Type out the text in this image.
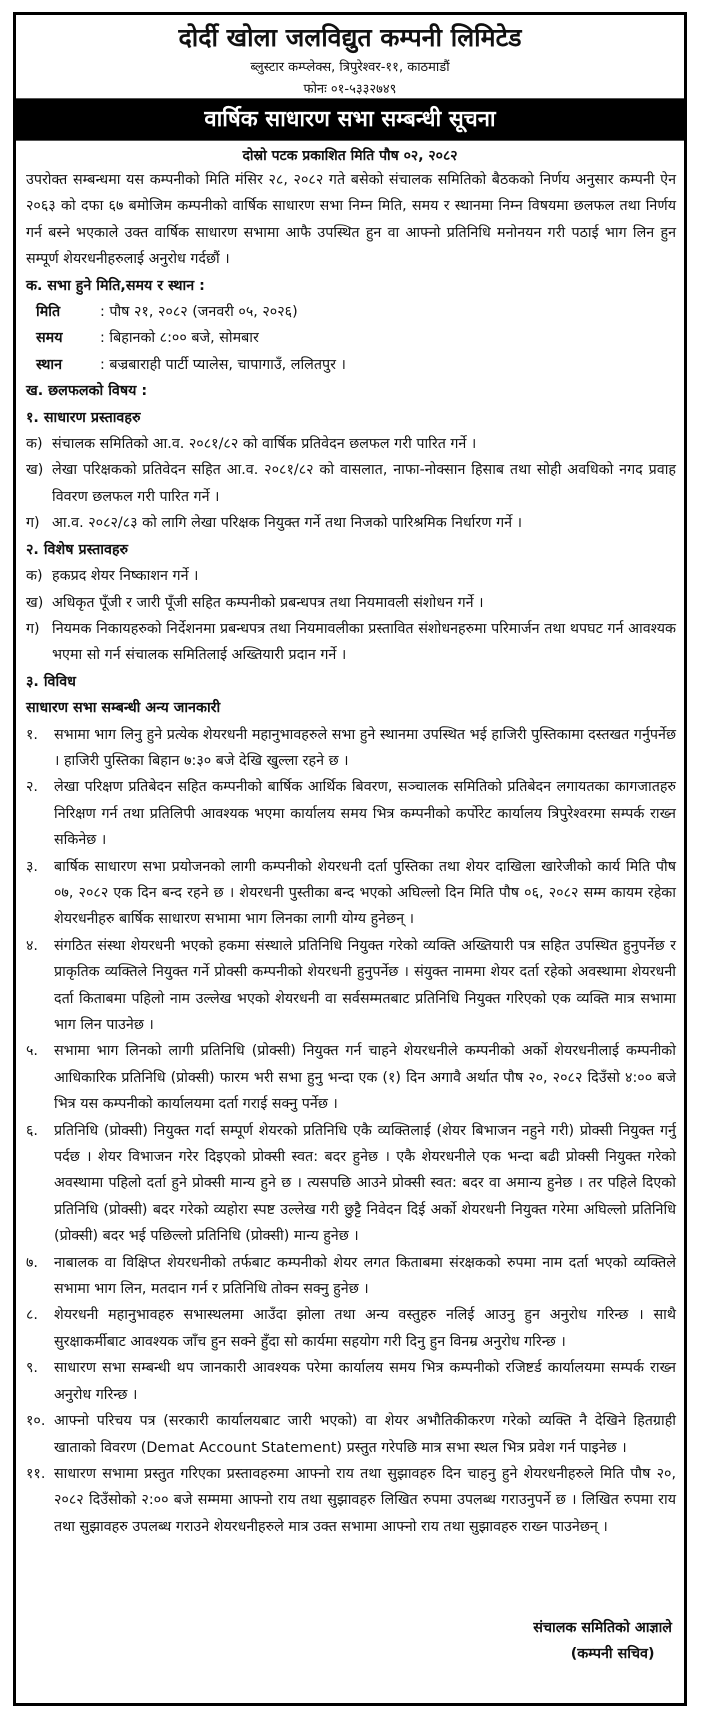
दोर्दी खोला जलविद्युत कम्पनी लिमिटेड
ब्लुस्टार कम्प्लेक्स, त्रिपुरेश्वर-११, काठमाडौं
फोनः ०१-५३३२७४९
वार्षिक साधारण सभा सम्बन्धी सूचना
दोस्रो पटक प्रकाशित मिति पौष ०२, २०८२

उपरोक्त सम्बन्धमा यस कम्पनीको मिति मंसिर २८, २०८२ गते बसेको संचालक समितिको बैठकको निर्णय अनुसार कम्पनी ऐन २०६३ को दफा ६७ बमोजिम कम्पनीको वार्षिक साधारण सभा निम्न मिति, समय र स्थानमा निम्न विषयमा छलफल तथा निर्णय गर्न बस्ने भएकाले उक्त वार्षिक साधारण सभामा आफै उपस्थित हुन वा आफ्नो प्रतिनिधि मनोनयन गरी पठाई भाग लिन हुन सम्पूर्ण शेयरधनीहरुलाई अनुरोध गर्दछौं ।

क. सभा हुने मिति,समय र स्थान :

मिति	: पौष २१, २०८२ (जनवरी ०५, २०२६)
समय	: बिहानको ८:०० बजे, सोमबार
स्थान	: बज्रबाराही पार्टी प्यालेस, चापागाउँ, ललितपुर ।

ख. छलफलको विषय :

१. साधारण प्रस्तावहरु

क) संचालक समितिको आ.व. २०८१/८२ को वार्षिक प्रतिवेदन छलफल गरी पारित गर्ने ।
ख) लेखा परिक्षकको प्रतिवेदन सहित आ.व. २०८१/८२ को वासलात, नाफा-नोक्सान हिसाब तथा सोही अवधिको नगद प्रवाह विवरण छलफल गरी पारित गर्ने ।
ग) आ.व. २०८२/८३ को लागि लेखा परिक्षक नियुक्त गर्ने तथा निजको पारिश्रमिक निर्धारण गर्ने ।

२. विशेष प्रस्तावहरु

क) हकप्रद शेयर निष्काशन गर्ने ।
ख) अधिकृत पूँजी र जारी पूँजी सहित कम्पनीको प्रबन्धपत्र तथा नियमावली संशोधन गर्ने ।
ग) नियमक निकायहरुको निर्देशनमा प्रबन्धपत्र तथा नियमावलीका प्रस्तावित संशोधनहरुमा परिमार्जन तथा थपघट गर्न आवश्यक भएमा सो गर्न संचालक समितिलाई अख्तियारी प्रदान गर्ने ।

३. विविध

साधारण सभा सम्बन्धी अन्य जानकारी

१.	सभामा भाग लिनु हुने प्रत्येक शेयरधनी महानुभावहरुले सभा हुने स्थानमा उपस्थित भई हाजिरी पुस्तिकामा दस्तखत गर्नुपर्नेछ । हाजिरी पुस्तिका बिहान ७:३० बजे देखि खुल्ला रहने छ ।
२.	लेखा परिक्षण प्रतिबेदन सहित कम्पनीको बार्षिक आर्थिक बिवरण, सञ्चालक समितिको प्रतिबेदन लगायतका कागजातहरु निरिक्षण गर्न तथा प्रतिलिपी आवश्यक भएमा कार्यालय समय भित्र कम्पनीको कर्पोरेट कार्यालय त्रिपुरेश्वरमा सम्पर्क राख्न सकिनेछ ।
३.	बार्षिक साधारण सभा प्रयोजनको लागी कम्पनीको शेयरधनी दर्ता पुस्तिका तथा शेयर दाखिला खारेजीको कार्य मिति पौष ०७, २०८२ एक दिन बन्द रहने छ । शेयरधनी पुस्तीका बन्द भएको अघिल्लो दिन मिति पौष ०६, २०८२ सम्म कायम रहेका शेयरधनीहरु बार्षिक साधारण सभामा भाग लिनका लागी योग्य हुनेछन् ।
४.	संगठित संस्था शेयरधनी भएको हकमा संस्थाले प्रतिनिधि नियुक्त गरेको व्यक्ति अख्तियारी पत्र सहित उपस्थित हुनुपर्नेछ र प्राकृतिक व्यक्तिले नियुक्त गर्ने प्रोक्सी कम्पनीको शेयरधनी हुनुपर्नेछ । संयुक्त नाममा शेयर दर्ता रहेको अवस्थामा शेयरधनी दर्ता किताबमा पहिलो नाम उल्लेख भएको शेयरधनी वा सर्वसम्मतबाट प्रतिनिधि नियुक्त गरिएको एक व्यक्ति मात्र सभामा भाग लिन पाउनेछ ।
५.	सभामा भाग लिनको लागी प्रतिनिधि (प्रोक्सी) नियुक्त गर्न चाहने शेयरधनीले कम्पनीको अर्को शेयरधनीलाई कम्पनीको आधिकारिक प्रतिनिधि (प्रोक्सी) फारम भरी सभा हुनु भन्दा एक (१) दिन अगावै अर्थात पौष २०, २०८२ दिउँसो ४:०० बजे भित्र यस कम्पनीको कार्यालयमा दर्ता गराई सक्नु पर्नेछ ।
६.	प्रतिनिधि (प्रोक्सी) नियुक्त गर्दा सम्पूर्ण शेयरको प्रतिनिधि एकै व्यक्तिलाई (शेयर बिभाजन नहुने गरी) प्रोक्सी नियुक्त गर्नु पर्दछ । शेयर विभाजन गरेर दिइएको प्रोक्सी स्वत: बदर हुनेछ । एकै शेयरधनीले एक भन्दा बढी प्रोक्सी नियुक्त गरेको अवस्थामा पहिलो दर्ता हुने प्रोक्सी मान्य हुने छ । त्यसपछि आउने प्रोक्सी स्वत: बदर वा अमान्य हुनेछ । तर पहिले दिएको प्रतिनिधि (प्रोक्सी) बदर गरेको व्यहोरा स्पष्ट उल्लेख गरी छुट्टै निवेदन दिई अर्को शेयरधनी नियुक्त गरेमा अघिल्लो प्रतिनिधि (प्रोक्सी) बदर भई पछिल्लो प्रतिनिधि (प्रोक्सी) मान्य हुनेछ ।
७.	नाबालक वा विक्षिप्त शेयरधनीको तर्फबाट कम्पनीको शेयर लगत किताबमा संरक्षकको रुपमा नाम दर्ता भएको व्यक्तिले सभामा भाग लिन, मतदान गर्न र प्रतिनिधि तोक्न सक्नु हुनेछ ।
८.	शेयरधनी महानुभावहरु सभास्थलमा आउँदा झोला तथा अन्य वस्तुहरु नलिई आउनु हुन अनुरोध गरिन्छ । साथै सुरक्षाकर्मीबाट आवश्यक जाँच हुन सक्ने हुँदा सो कार्यमा सहयोग गरी दिनु हुन विनम्र अनुरोध गरिन्छ ।
९.	साधारण सभा सम्बन्धी थप जानकारी आवश्यक परेमा कार्यालय समय भित्र कम्पनीको रजिष्टर्ड कार्यालयमा सम्पर्क राख्न अनुरोध गरिन्छ ।
१०. आफ्नो परिचय पत्र (सरकारी कार्यालयबाट जारी भएको) वा शेयर अभौतिकीकरण गरेको व्यक्ति नै देखिने हितग्राही खाताको विवरण (Demat Account Statement) प्रस्तुत गरेपछि मात्र सभा स्थल भित्र प्रवेश गर्न पाइनेछ ।
११. साधारण सभामा प्रस्तुत गरिएका प्रस्तावहरुमा आफ्नो राय तथा सुझावहरु दिन चाहनु हुने शेयरधनीहरुले मिति पौष २०, २०८२ दिउँसोको २:०० बजे सम्ममा आफ्नो राय तथा सुझावहरु लिखित रुपमा उपलब्ध गराउनुपर्ने छ । लिखित रुपमा राय तथा सुझावहरु उपलब्ध गराउने शेयरधनीहरुले मात्र उक्त सभामा आफ्नो राय तथा सुझावहरु राख्न पाउनेछन् ।
संचालक समितिको आज्ञाले
(कम्पनी सचिव)
